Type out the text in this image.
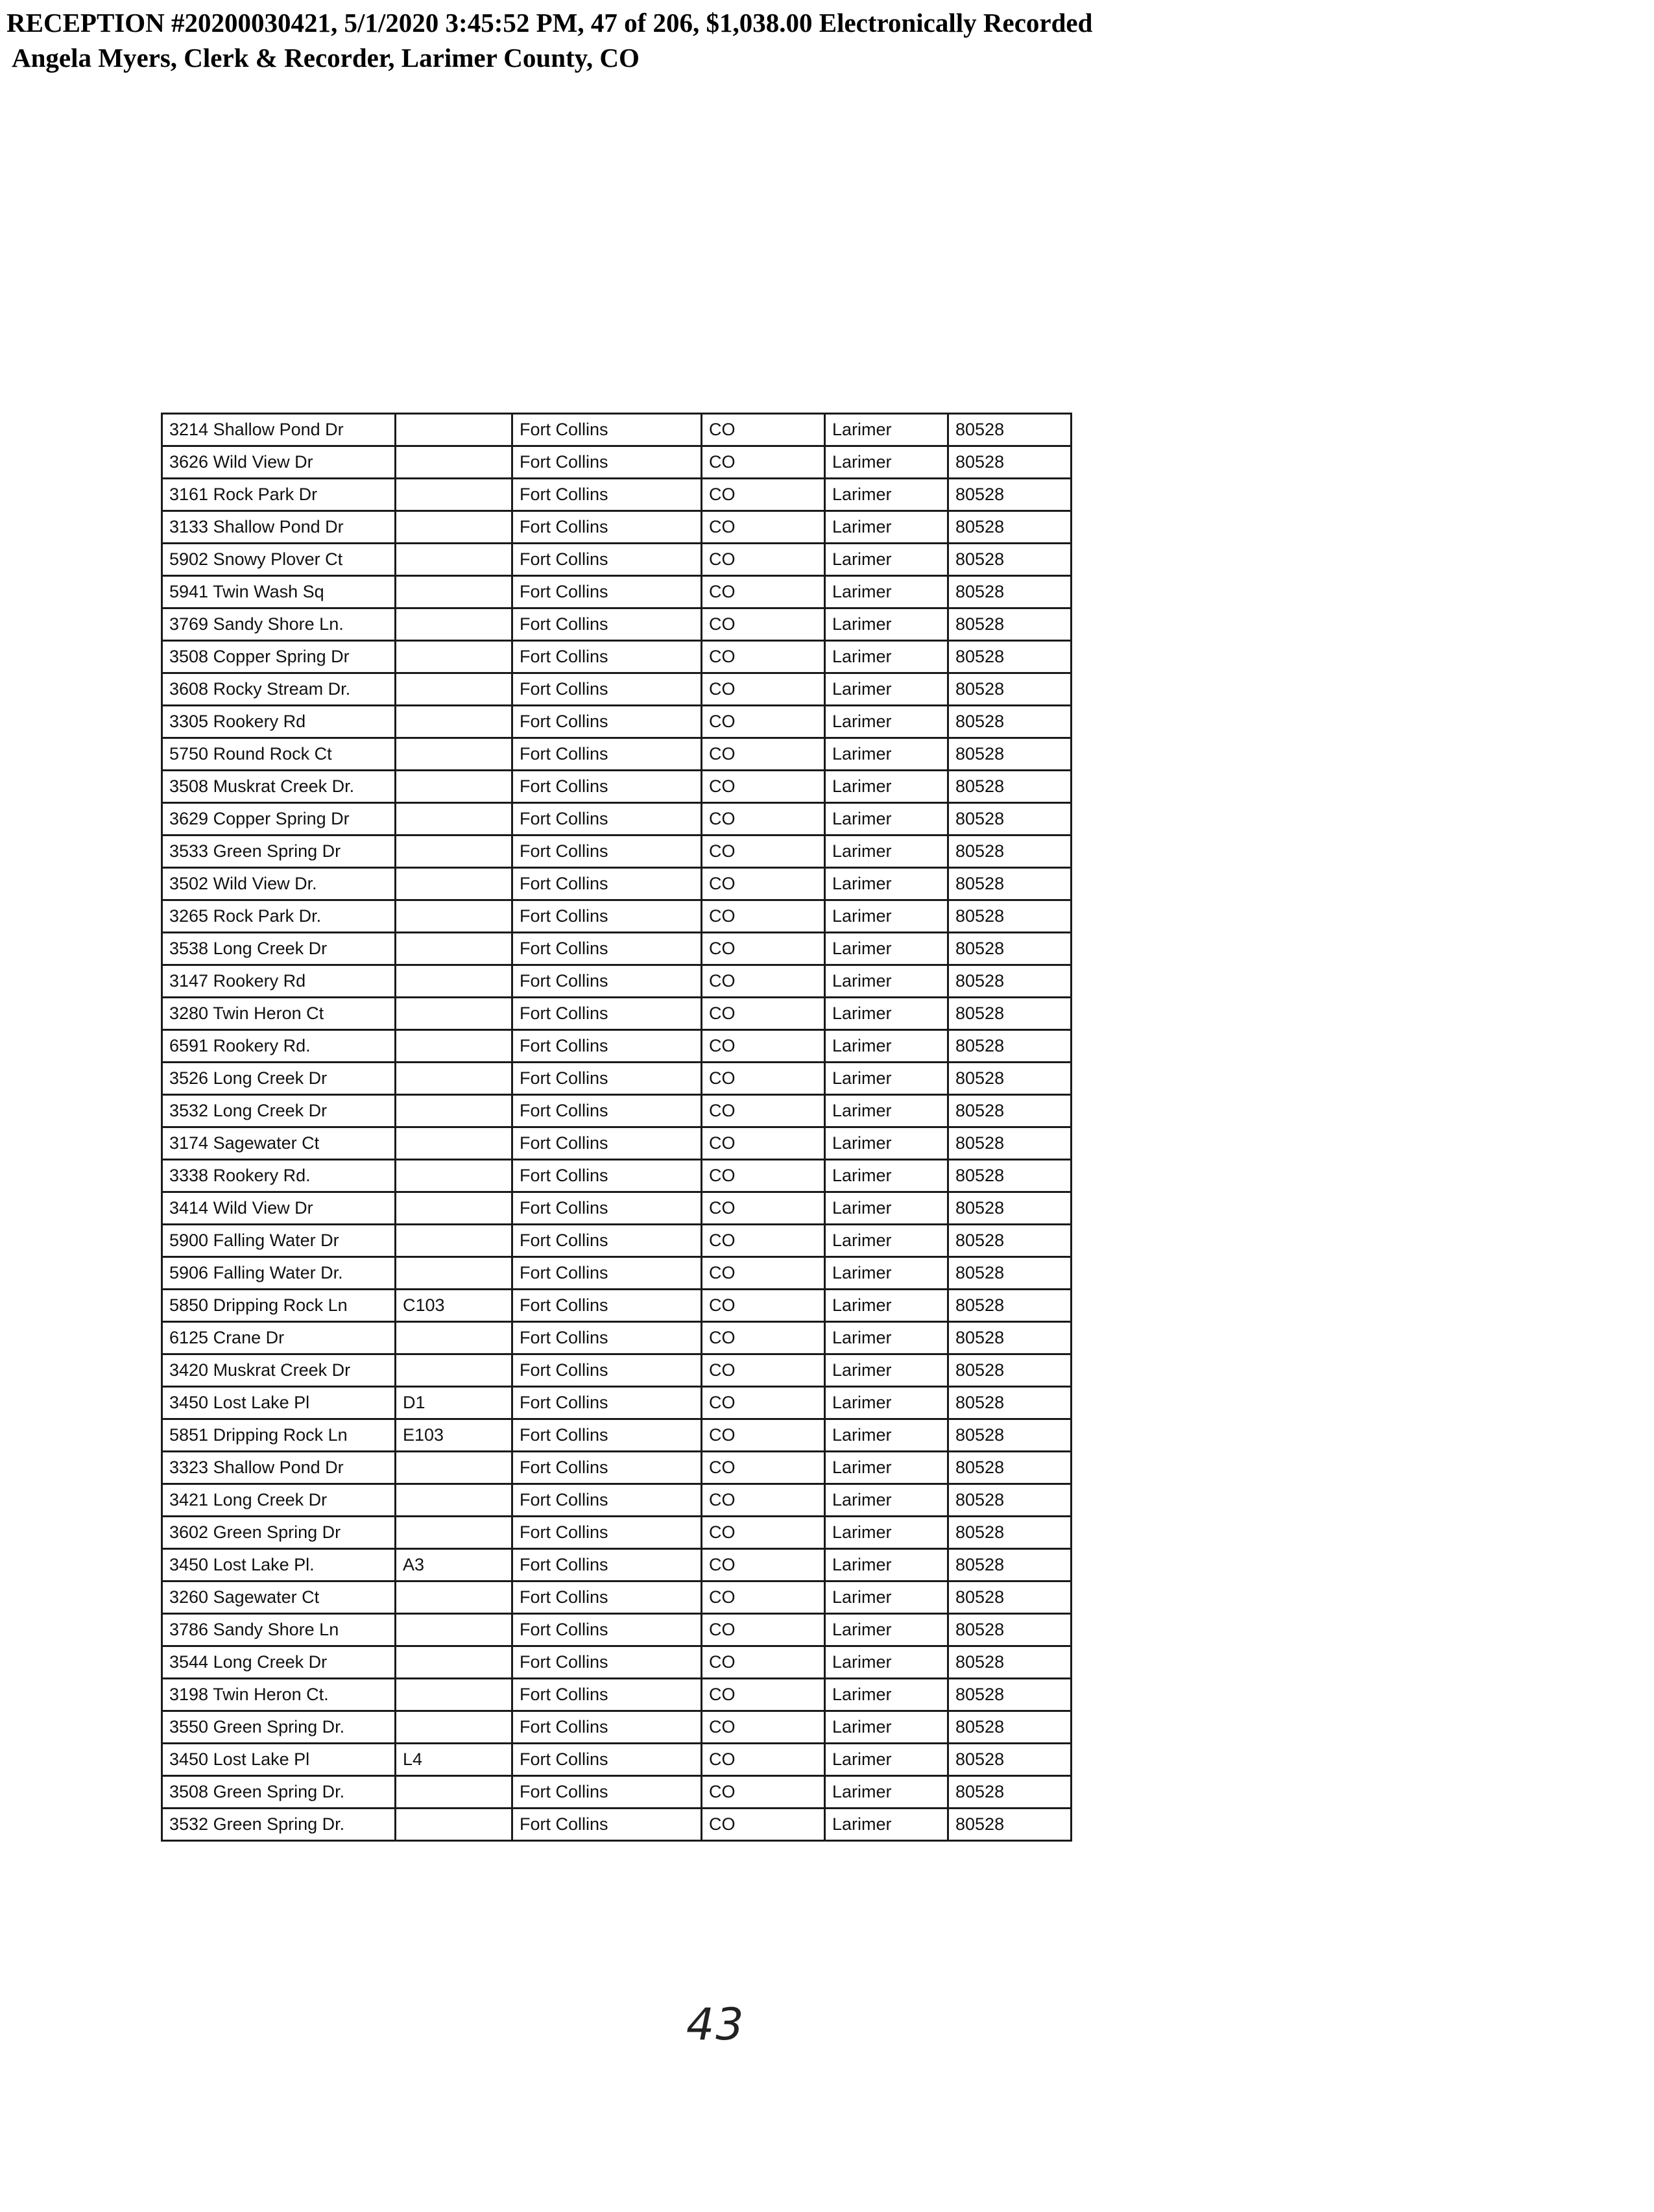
RECEPTION #20200030421, 5/1/2020 3:45:52 PM, 47 of 206, $1,038.00 Electronically Recorded
Angela Myers, Clerk & Recorder, Larimer County, CO
3214 Shallow Pond Dr		Fort Collins	CO	Larimer	80528
3626 Wild View Dr		Fort Collins	CO	Larimer	80528
3161 Rock Park Dr		Fort Collins	CO	Larimer	80528
3133 Shallow Pond Dr		Fort Collins	CO	Larimer	80528
5902 Snowy Plover Ct		Fort Collins	CO	Larimer	80528
5941 Twin Wash Sq		Fort Collins	CO	Larimer	80528
3769 Sandy Shore Ln.		Fort Collins	CO	Larimer	80528
3508 Copper Spring Dr		Fort Collins	CO	Larimer	80528
3608 Rocky Stream Dr.		Fort Collins	CO	Larimer	80528
3305 Rookery Rd		Fort Collins	CO	Larimer	80528
5750 Round Rock Ct		Fort Collins	CO	Larimer	80528
3508 Muskrat Creek Dr.		Fort Collins	CO	Larimer	80528
3629 Copper Spring Dr		Fort Collins	CO	Larimer	80528
3533 Green Spring Dr		Fort Collins	CO	Larimer	80528
3502 Wild View Dr.		Fort Collins	CO	Larimer	80528
3265 Rock Park Dr.		Fort Collins	CO	Larimer	80528
3538 Long Creek Dr		Fort Collins	CO	Larimer	80528
3147 Rookery Rd		Fort Collins	CO	Larimer	80528
3280 Twin Heron Ct		Fort Collins	CO	Larimer	80528
6591 Rookery Rd.		Fort Collins	CO	Larimer	80528
3526 Long Creek Dr		Fort Collins	CO	Larimer	80528
3532 Long Creek Dr		Fort Collins	CO	Larimer	80528
3174 Sagewater Ct		Fort Collins	CO	Larimer	80528
3338 Rookery Rd.		Fort Collins	CO	Larimer	80528
3414 Wild View Dr		Fort Collins	CO	Larimer	80528
5900 Falling Water Dr		Fort Collins	CO	Larimer	80528
5906 Falling Water Dr.		Fort Collins	CO	Larimer	80528
5850 Dripping Rock Ln	C103	Fort Collins	CO	Larimer	80528
6125 Crane Dr		Fort Collins	CO	Larimer	80528
3420 Muskrat Creek Dr		Fort Collins	CO	Larimer	80528
3450 Lost Lake Pl	D1	Fort Collins	CO	Larimer	80528
5851 Dripping Rock Ln	E103	Fort Collins	CO	Larimer	80528
3323 Shallow Pond Dr		Fort Collins	CO	Larimer	80528
3421 Long Creek Dr		Fort Collins	CO	Larimer	80528
3602 Green Spring Dr		Fort Collins	CO	Larimer	80528
3450 Lost Lake Pl.	A3	Fort Collins	CO	Larimer	80528
3260 Sagewater Ct		Fort Collins	CO	Larimer	80528
3786 Sandy Shore Ln		Fort Collins	CO	Larimer	80528
3544 Long Creek Dr		Fort Collins	CO	Larimer	80528
3198 Twin Heron Ct.		Fort Collins	CO	Larimer	80528
3550 Green Spring Dr.		Fort Collins	CO	Larimer	80528
3450 Lost Lake Pl	L4	Fort Collins	CO	Larimer	80528
3508 Green Spring Dr.		Fort Collins	CO	Larimer	80528
3532 Green Spring Dr.		Fort Collins	CO	Larimer	80528
43
